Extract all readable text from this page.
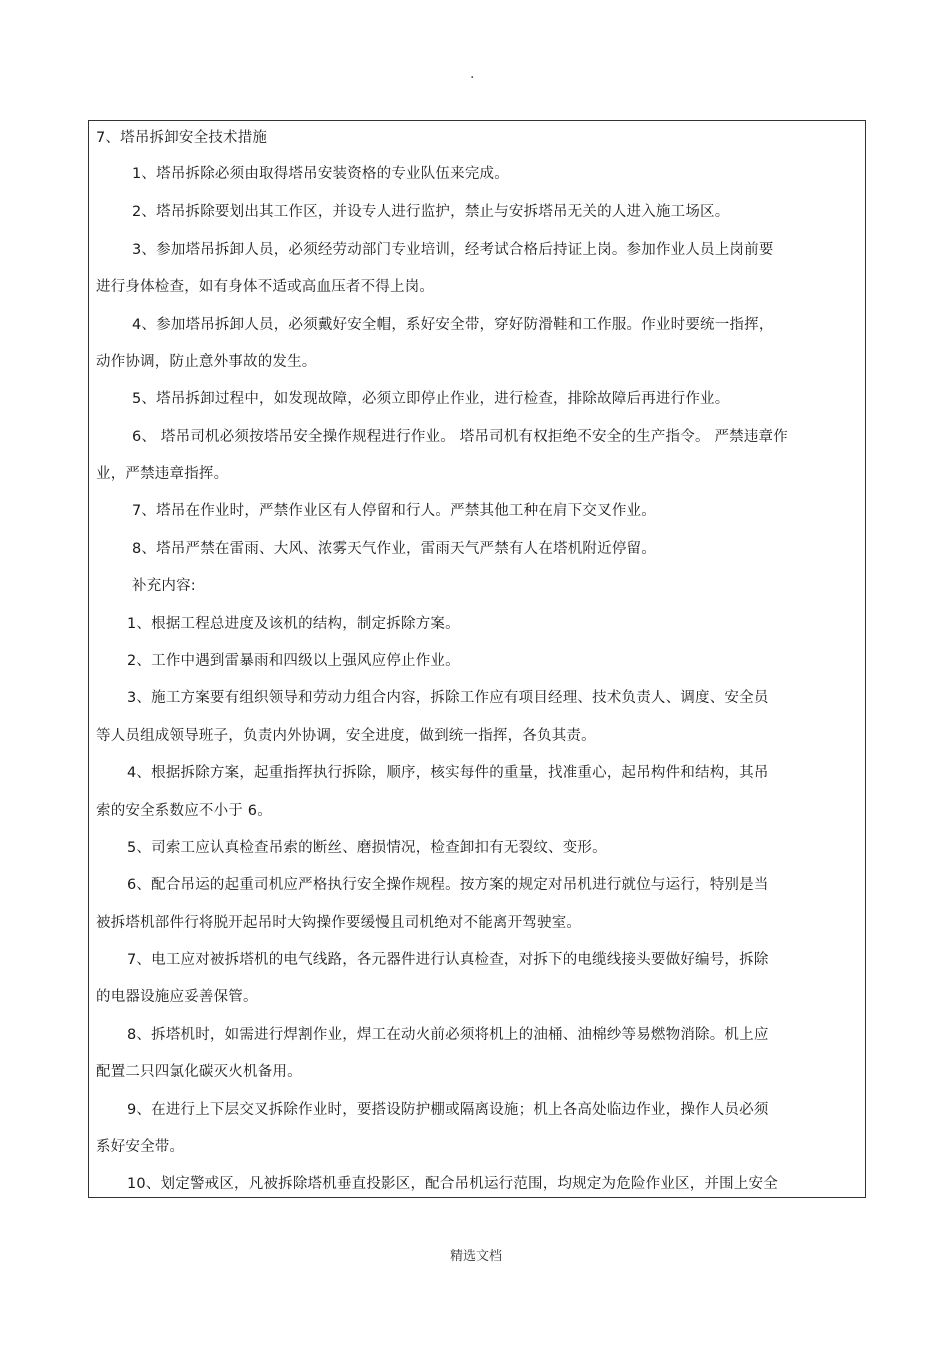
.
7、塔吊拆卸安全技术措施
1、塔吊拆除必须由取得塔吊安装资格的专业队伍来完成。
2、塔吊拆除要划出其工作区，并设专人进行监护，禁止与安拆塔吊无关的人进入施工场区。
3、参加塔吊拆卸人员，必须经劳动部门专业培训，经考试合格后持证上岗。参加作业人员上岗前要
进行身体检查，如有身体不适或高血压者不得上岗。
4、参加塔吊拆卸人员，必须戴好安全帽，系好安全带，穿好防滑鞋和工作服。作业时要统一指挥，
动作协调，防止意外事故的发生。
5、塔吊拆卸过程中，如发现故障，必须立即停止作业，进行检查，排除故障后再进行作业。
6、 塔吊司机必须按塔吊安全操作规程进行作业。 塔吊司机有权拒绝不安全的生产指令。 严禁违章作
业，严禁违章指挥。
7、塔吊在作业时，严禁作业区有人停留和行人。严禁其他工种在肩下交叉作业。
8、塔吊严禁在雷雨、大风、浓雾天气作业，雷雨天气严禁有人在塔机附近停留。
补充内容:
1、根据工程总进度及该机的结构，制定拆除方案。
2、工作中遇到雷暴雨和四级以上强风应停止作业。
3、施工方案要有组织领导和劳动力组合内容，拆除工作应有项目经理、技术负责人、调度、安全员
等人员组成领导班子，负责内外协调，安全进度，做到统一指挥，各负其责。
4、根据拆除方案，起重指挥执行拆除，顺序，核实每件的重量，找准重心，起吊构件和结构，其吊
索的安全系数应不小于 6。
5、司索工应认真检查吊索的断丝、磨损情况，检查卸扣有无裂纹、变形。
6、配合吊运的起重司机应严格执行安全操作规程。按方案的规定对吊机进行就位与运行，特别是当
被拆塔机部件行将脱开起吊时大钩操作要缓慢且司机绝对不能离开驾驶室。
7、电工应对被拆塔机的电气线路，各元器件进行认真检查，对拆下的电缆线接头要做好编号，拆除
的电器设施应妥善保管。
8、拆塔机时，如需进行焊割作业，焊工在动火前必须将机上的油桶、油棉纱等易燃物消除。机上应
配置二只四氯化碳灭火机备用。
9、在进行上下层交叉拆除作业时，要搭设防护棚或隔离设施；机上各高处临边作业，操作人员必须
系好安全带。
10、划定警戒区，凡被拆除塔机垂直投影区，配合吊机运行范围，均规定为危险作业区，并围上安全
精选文档
